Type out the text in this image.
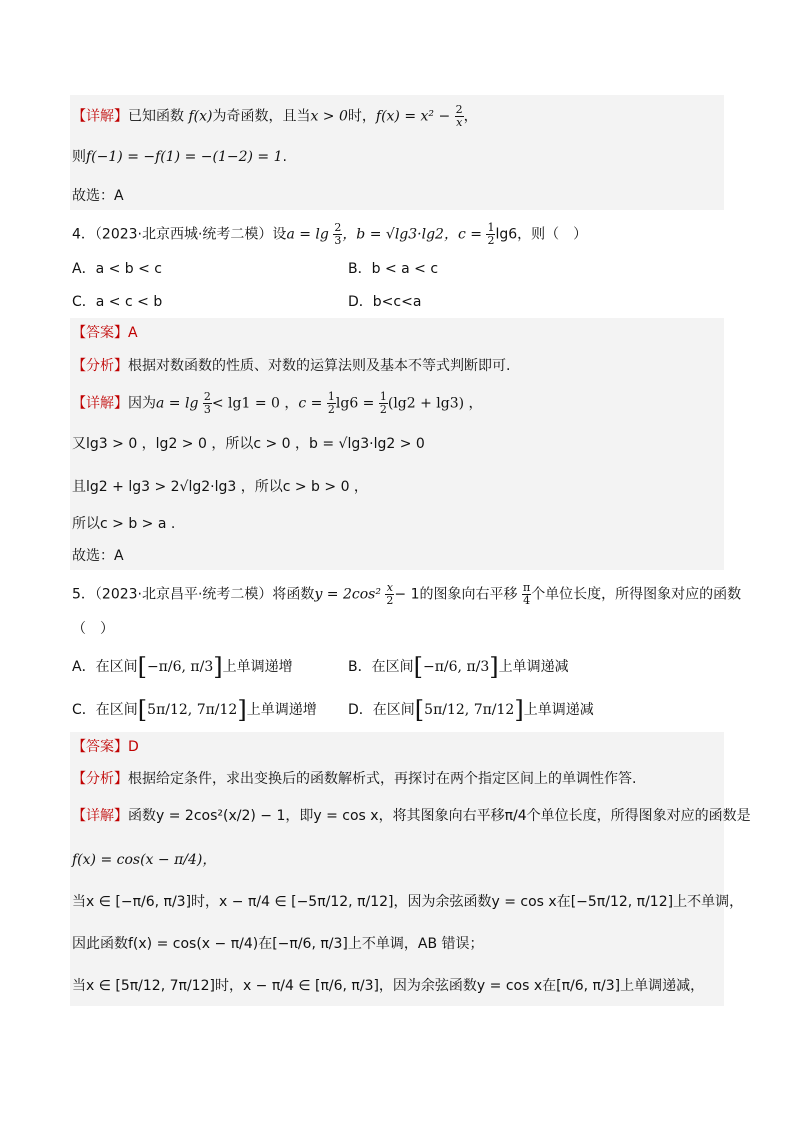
【详解】已知函数 f(x)为奇函数，且当x > 0时，$f(x) = x^2 - \frac{2}{x}$ ，
则f(−1) = −f(1) = −(1−2) = 1.
故选：A
4．（2023·北京西城·统考二模）设$a = \lg \frac{2}{3}$ ，b = √lg3·lg2，$c = \frac{1}{2} \lg 6$，则（　）
A．a < b < c	B．b < a < c
C．a < c < b	D．b<c<a
【答案】A
【分析】根据对数函数的性质、对数的运算法则及基本不等式判断即可.
【详解】因为$a = \lg \frac{2}{3} < \lg 1 = 0$ ，$c = \frac{1}{2} \lg 6 = \frac{1}{2} (\lg 2 + \lg 3)$ ，
又lg3 > 0 ，lg2 > 0 ，所以c > 0 ，b = √lg3·lg2 > 0
且lg2 + lg3 > 2√lg2·lg3 ，所以c > b > 0 ，
所以c > b > a .
故选：A
5．（2023·北京昌平·统考二模）将函数$y = 2\cos^2 \frac{x}{2} - 1$的图象向右平移 $\frac{\pi}{4}$ 个单位长度，所得图象对应的函数
（　）
A．在区间[−π/6, π/3]上单调递增	B．在区间[−π/6, π/3]上单调递减
C．在区间[5π/12, 7π/12]上单调递增 D．在区间[5π/12, 7π/12]上单调递减
【答案】D
【分析】根据给定条件，求出变换后的函数解析式，再探讨在两个指定区间上的单调性作答.
【详解】函数y = 2cos²(x/2) − 1，即y = cos x，将其图象向右平移π/4个单位长度，所得图象对应的函数是
f(x) = cos(x − π/4)，
当x ∈ [−π/6, π/3]时，x − π/4 ∈ [−5π/12, π/12]，因为余弦函数y = cos x在[−5π/12, π/12]上不单调，
因此函数f(x) = cos(x − π/4)在[−π/6, π/3]上不单调，AB 错误；
当x ∈ [5π/12, 7π/12]时，x − π/4 ∈ [π/6, π/3]，因为余弦函数y = cos x在[π/6, π/3]上单调递减，
